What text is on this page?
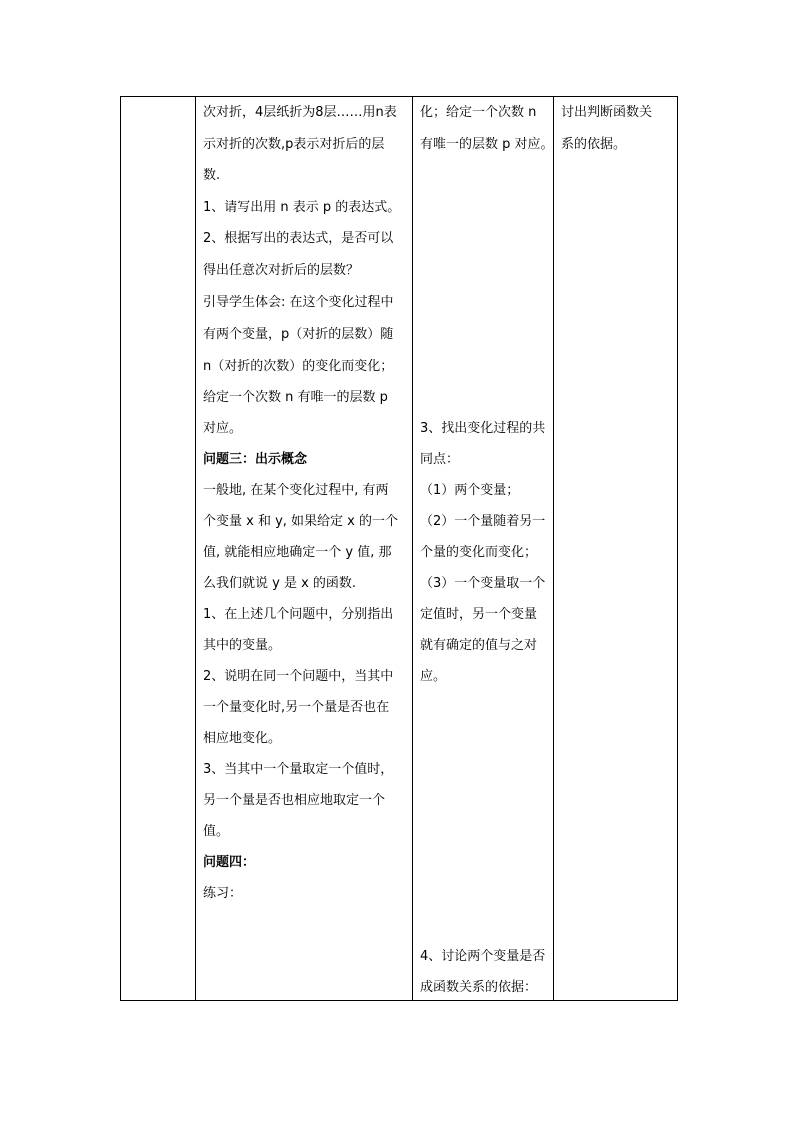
次对折，4层纸折为8层……用n表
示对折的次数,p表示对折后的层
数.
1、请写出用 n 表示 p 的表达式。
2、根据写出的表达式，是否可以
得出任意次对折后的层数？
引导学生体会: 在这个变化过程中
有两个变量，p（对折的层数）随
n（对折的次数）的变化而变化；
给定一个次数 n 有唯一的层数 p
对应。
问题三：出示概念
一般地, 在某个变化过程中, 有两
个变量 x 和 y, 如果给定 x 的一个
值, 就能相应地确定一个 y 值, 那
么我们就说 y 是 x 的函数.
1、在上述几个问题中，分别指出
其中的变量。
2、说明在同一个问题中，当其中
一个量变化时,另一个量是否也在
相应地变化。
3、当其中一个量取定一个值时，
另一个量是否也相应地取定一个
值。
问题四：
练习：
化；给定一个次数 n
有唯一的层数 p 对应。
3、找出变化过程的共
同点：
（1）两个变量；
（2）一个量随着另一
个量的变化而变化；
（3）一个变量取一个
定值时，另一个变量
就有确定的值与之对
应。
4、讨论两个变量是否
成函数关系的依据：
讨出判断函数关
系的依据。
